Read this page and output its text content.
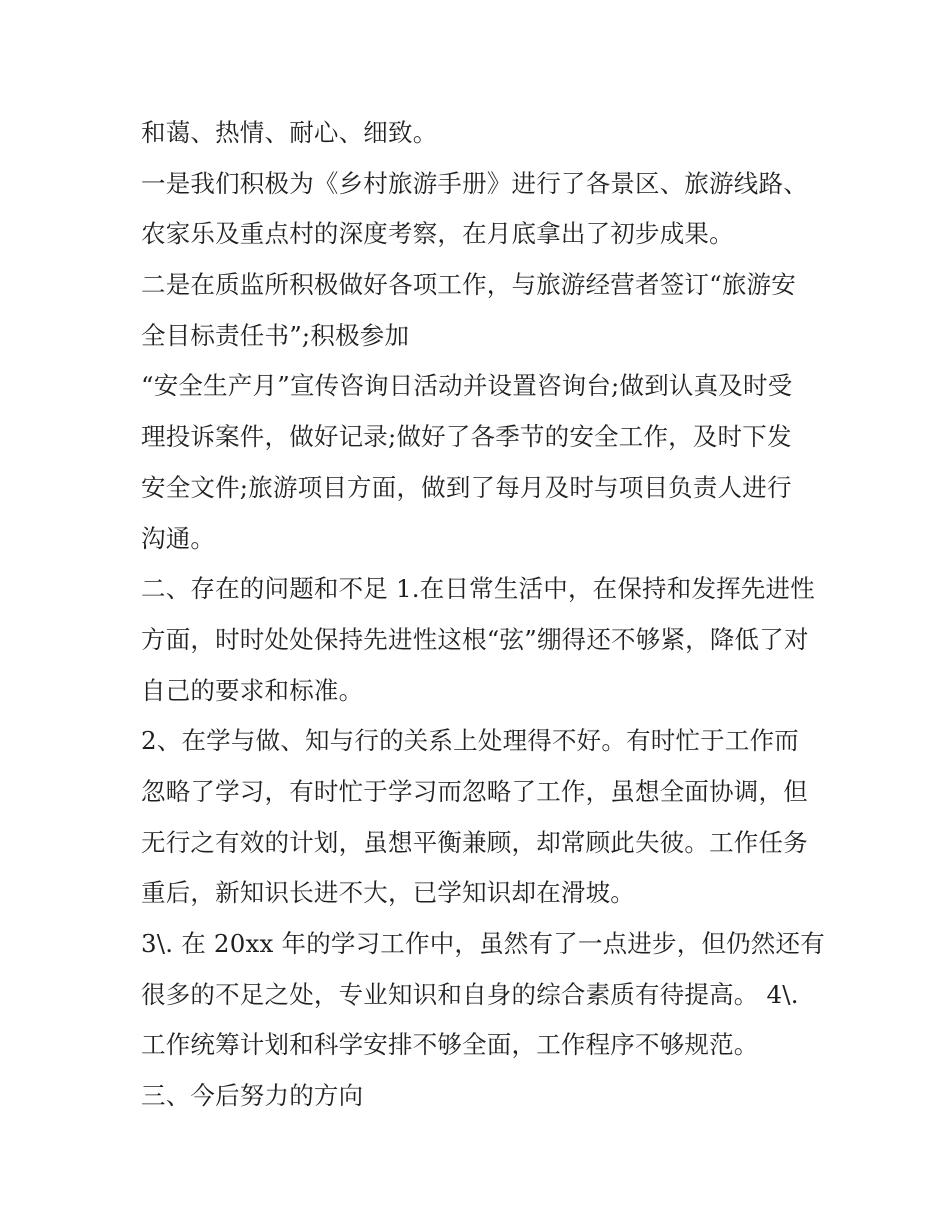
和蔼、热情、耐心、细致。
一是我们积极为《乡村旅游手册》进行了各景区、旅游线路、
农家乐及重点村的深度考察，在月底拿出了初步成果。
二是在质监所积极做好各项工作，与旅游经营者签订“旅游安
全目标责任书”;积极参加
“安全生产月”宣传咨询日活动并设置咨询台;做到认真及时受
理投诉案件，做好记录;做好了各季节的安全工作，及时下发
安全文件;旅游项目方面，做到了每月及时与项目负责人进行
沟通。
二、存在的问题和不足 1.在日常生活中，在保持和发挥先进性
方面，时时处处保持先进性这根“弦”绷得还不够紧，降低了对
自己的要求和标准。
2、在学与做、知与行的关系上处理得不好。有时忙于工作而
忽略了学习，有时忙于学习而忽略了工作，虽想全面协调，但
无行之有效的计划，虽想平衡兼顾，却常顾此失彼。工作任务
重后，新知识长进不大，已学知识却在滑坡。
3\. 在 20xx 年的学习工作中，虽然有了一点进步，但仍然还有
很多的不足之处，专业知识和自身的综合素质有待提高。 4\.
工作统筹计划和科学安排不够全面，工作程序不够规范。
三、今后努力的方向
